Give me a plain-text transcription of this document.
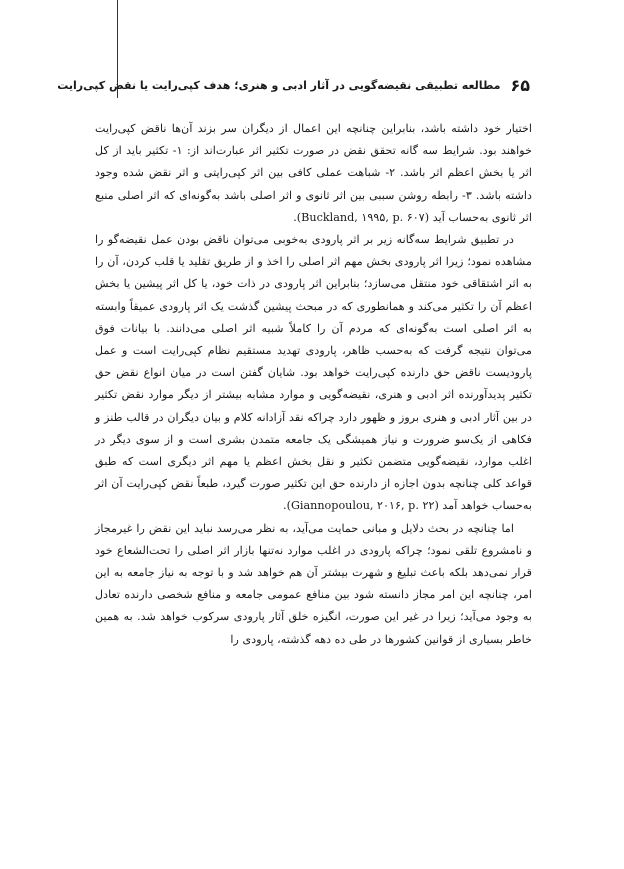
۶۵
مطالعه تطبیقی نقیضه‌گویی در آثار ادبی و هنری؛ هدف کپی‌رایت یا نقض کپی‌رایت

اختیار خود داشته باشد، بنابراین چنانچه این اعمال از دیگران سر بزند آن‌ها ناقض کپی‌رایت خواهند بود. شرایط سه گانه تحقق نقض در صورت تکثیر اثر عبارت‌اند از: ۱- تکثیر باید از کل اثر یا بخش اعظم اثر باشد. ۲- شباهت عملی کافی بین اثر کپی‌رایتی و اثر نقض شده وجود داشته باشد. ۳- رابطه روشن سببی بین اثر ثانوی و اثر اصلی باشد به‌گونه‌ای که اثر اصلی منبع اثر ثانوی به‌حساب آید (Buckland, ۱۹۹۵, p. ۶۰۷).

در تطبیق شرایط سه‌گانه زیر بر اثر پارودی به‌خوبی می‌توان ناقض بودن عمل نقیضه‌گو را مشاهده نمود؛ زیرا اثر پارودی بخش مهم اثر اصلی را اخذ و از طریق تقلید یا قلب کردن، آن را به اثر اشتقاقی خود منتقل می‌سازد؛ بنابراین اثر پارودی در ذات خود، یا کل اثر پیشین یا بخش اعظم آن را تکثیر می‌کند و همانطوری که در مبحث پیشین گذشت یک اثر پارودی عمیقاً وابسته به اثر اصلی است به‌گونه‌ای که مردم آن را کاملاً شبیه اثر اصلی می‌دانند. با بیانات فوق می‌توان نتیجه گرفت که به‌حسب ظاهر، پارودی تهدید مستقیم نظام کپی‌رایت است و عمل پارودیست ناقض حق دارنده کپی‌رایت خواهد بود. شایان گفتن است در میان انواع نقض حق تکثیر پدیدآورنده اثر ادبی و هنری، نقیضه‌گویی و موارد مشابه بیشتر از دیگر موارد نقض تکثیر در بین آثار ادبی و هنری بروز و ظهور دارد چراکه نقد آزادانه کلام و بیان دیگران در قالب طنز و فکاهی از یک‌سو ضرورت و نیاز همیشگی یک جامعه متمدن بشری است و از سوی دیگر در اغلب موارد، نقیضه‌گویی متضمن تکثیر و نقل بخش اعظم یا مهم اثر دیگری است که طبق قواعد کلی چنانچه بدون اجازه از دارنده حق این تکثیر صورت گیرد، طبعاً نقض کپی‌رایت آن اثر به‌حساب خواهد آمد (Giannopoulou, ۲۰۱۶, p. ۲۲).

اما چنانچه در بحث دلایل و مبانی حمایت می‌آید، به نظر می‌رسد نباید این نقض را غیرمجاز و نامشروع تلقی نمود؛ چراکه پارودی در اغلب موارد نه‌تنها بازار اثر اصلی را تحت‌الشعاع خود قرار نمی‌دهد بلکه باعث تبلیغ و شهرت بیشتر آن هم خواهد شد و با توجه به نیاز جامعه به این امر، چنانچه این امر مجاز دانسته شود بین منافع عمومی جامعه و منافع شخصی دارنده تعادل به وجود می‌آید؛ زیرا در غیر این صورت، انگیزه خلق آثار پارودی سرکوب خواهد شد. به همین خاطر بسیاری از قوانین کشورها در طی ده دهه گذشته، پارودی را
